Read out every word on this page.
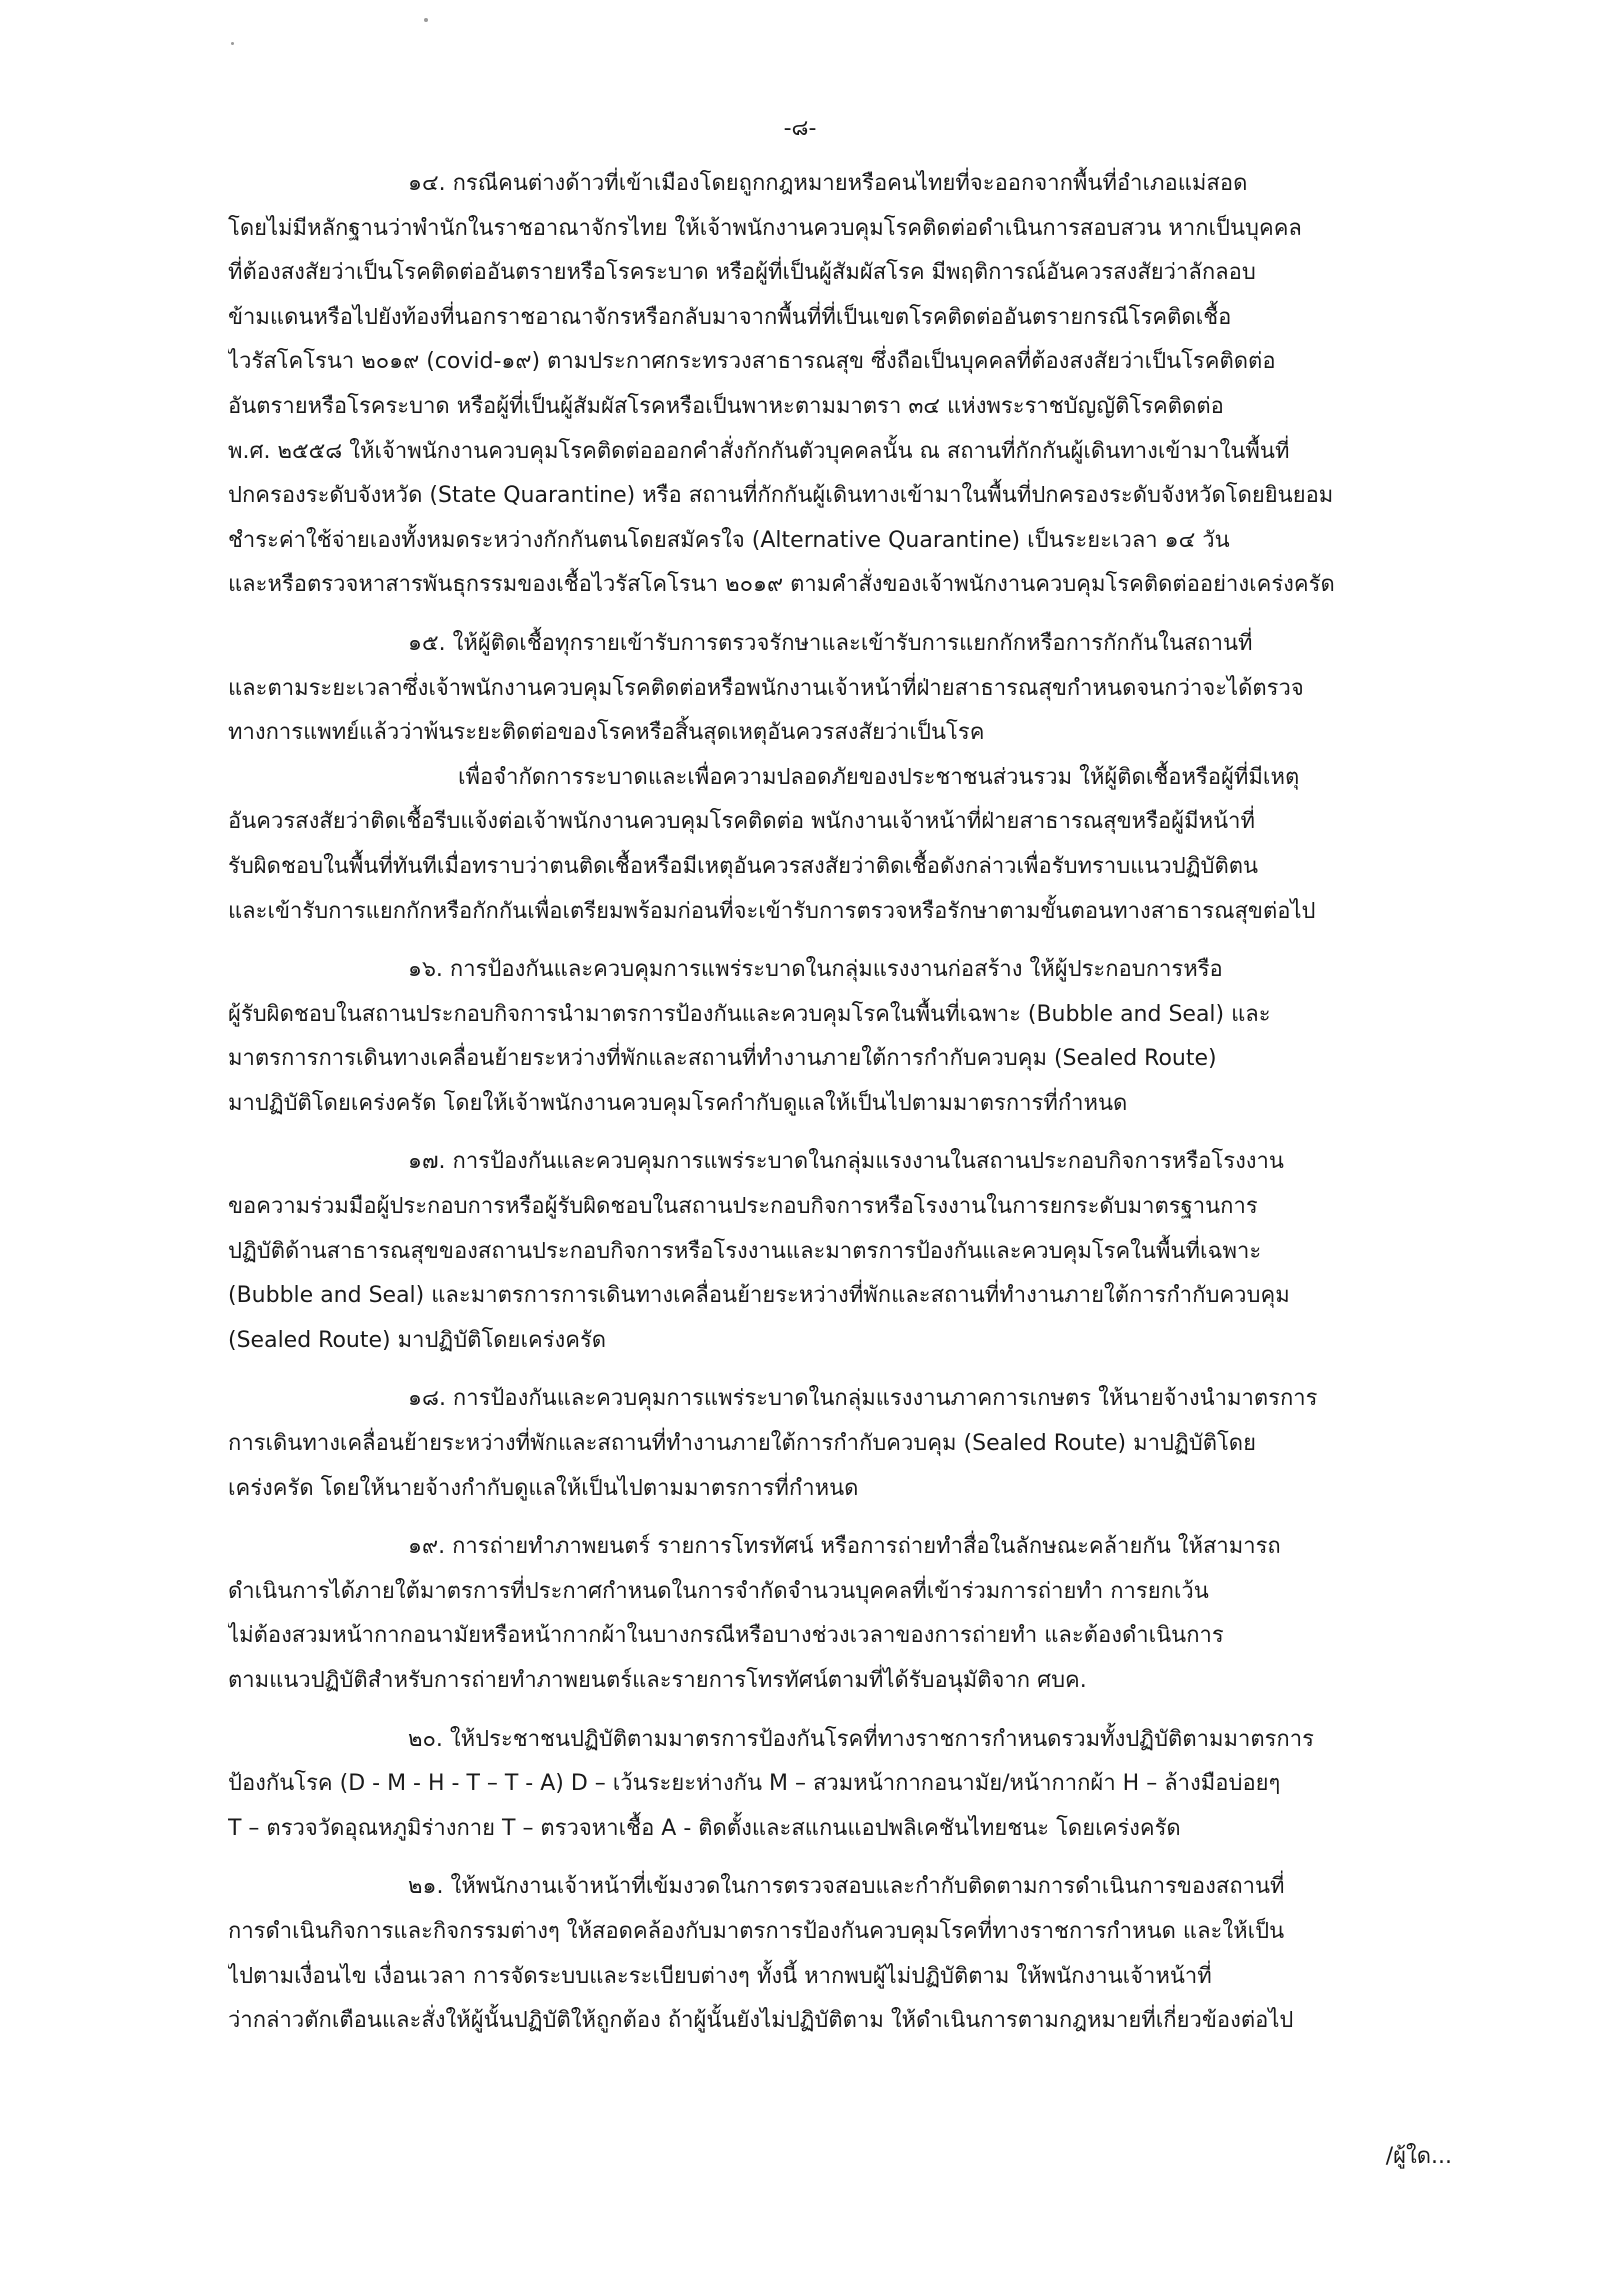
-๘-
๑๔. กรณีคนต่างด้าวที่เข้าเมืองโดยถูกกฎหมายหรือคนไทยที่จะออกจากพื้นที่อำเภอแม่สอด
โดยไม่มีหลักฐานว่าพำนักในราชอาณาจักรไทย ให้เจ้าพนักงานควบคุมโรคติดต่อดำเนินการสอบสวน หากเป็นบุคคล
ที่ต้องสงสัยว่าเป็นโรคติดต่ออันตรายหรือโรคระบาด หรือผู้ที่เป็นผู้สัมผัสโรค มีพฤติการณ์อันควรสงสัยว่าลักลอบ
ข้ามแดนหรือไปยังท้องที่นอกราชอาณาจักรหรือกลับมาจากพื้นที่ที่เป็นเขตโรคติดต่ออันตรายกรณีโรคติดเชื้อ
ไวรัสโคโรนา ๒๐๑๙ (covid-๑๙) ตามประกาศกระทรวงสาธารณสุข ซึ่งถือเป็นบุคคลที่ต้องสงสัยว่าเป็นโรคติดต่อ
อันตรายหรือโรคระบาด หรือผู้ที่เป็นผู้สัมผัสโรคหรือเป็นพาหะตามมาตรา ๓๔ แห่งพระราชบัญญัติโรคติดต่อ
พ.ศ. ๒๕๕๘ ให้เจ้าพนักงานควบคุมโรคติดต่อออกคำสั่งกักกันตัวบุคคลนั้น ณ สถานที่กักกันผู้เดินทางเข้ามาในพื้นที่
ปกครองระดับจังหวัด (State Quarantine) หรือ สถานที่กักกันผู้เดินทางเข้ามาในพื้นที่ปกครองระดับจังหวัดโดยยินยอม
ชำระค่าใช้จ่ายเองทั้งหมดระหว่างกักกันตนโดยสมัครใจ (Alternative Quarantine) เป็นระยะเวลา ๑๔ วัน
และหรือตรวจหาสารพันธุกรรมของเชื้อไวรัสโคโรนา ๒๐๑๙ ตามคำสั่งของเจ้าพนักงานควบคุมโรคติดต่ออย่างเคร่งครัด
๑๕. ให้ผู้ติดเชื้อทุกรายเข้ารับการตรวจรักษาและเข้ารับการแยกกักหรือการกักกันในสถานที่
และตามระยะเวลาซึ่งเจ้าพนักงานควบคุมโรคติดต่อหรือพนักงานเจ้าหน้าที่ฝ่ายสาธารณสุขกำหนดจนกว่าจะได้ตรวจ
ทางการแพทย์แล้วว่าพ้นระยะติดต่อของโรคหรือสิ้นสุดเหตุอันควรสงสัยว่าเป็นโรค
เพื่อจำกัดการระบาดและเพื่อความปลอดภัยของประชาชนส่วนรวม ให้ผู้ติดเชื้อหรือผู้ที่มีเหตุ
อันควรสงสัยว่าติดเชื้อรีบแจ้งต่อเจ้าพนักงานควบคุมโรคติดต่อ พนักงานเจ้าหน้าที่ฝ่ายสาธารณสุขหรือผู้มีหน้าที่
รับผิดชอบในพื้นที่ทันทีเมื่อทราบว่าตนติดเชื้อหรือมีเหตุอันควรสงสัยว่าติดเชื้อดังกล่าวเพื่อรับทราบแนวปฏิบัติตน
และเข้ารับการแยกกักหรือกักกันเพื่อเตรียมพร้อมก่อนที่จะเข้ารับการตรวจหรือรักษาตามขั้นตอนทางสาธารณสุขต่อไป
๑๖. การป้องกันและควบคุมการแพร่ระบาดในกลุ่มแรงงานก่อสร้าง ให้ผู้ประกอบการหรือ
ผู้รับผิดชอบในสถานประกอบกิจการนำมาตรการป้องกันและควบคุมโรคในพื้นที่เฉพาะ (Bubble and Seal) และ
มาตรการการเดินทางเคลื่อนย้ายระหว่างที่พักและสถานที่ทำงานภายใต้การกำกับควบคุม (Sealed Route)
มาปฏิบัติโดยเคร่งครัด โดยให้เจ้าพนักงานควบคุมโรคกำกับดูแลให้เป็นไปตามมาตรการที่กำหนด
๑๗. การป้องกันและควบคุมการแพร่ระบาดในกลุ่มแรงงานในสถานประกอบกิจการหรือโรงงาน
ขอความร่วมมือผู้ประกอบการหรือผู้รับผิดชอบในสถานประกอบกิจการหรือโรงงานในการยกระดับมาตรฐานการ
ปฏิบัติด้านสาธารณสุขของสถานประกอบกิจการหรือโรงงานและมาตรการป้องกันและควบคุมโรคในพื้นที่เฉพาะ
(Bubble and Seal) และมาตรการการเดินทางเคลื่อนย้ายระหว่างที่พักและสถานที่ทำงานภายใต้การกำกับควบคุม
(Sealed Route) มาปฏิบัติโดยเคร่งครัด
๑๘. การป้องกันและควบคุมการแพร่ระบาดในกลุ่มแรงงานภาคการเกษตร ให้นายจ้างนำมาตรการ
การเดินทางเคลื่อนย้ายระหว่างที่พักและสถานที่ทำงานภายใต้การกำกับควบคุม (Sealed Route) มาปฏิบัติโดย
เคร่งครัด โดยให้นายจ้างกำกับดูแลให้เป็นไปตามมาตรการที่กำหนด
๑๙. การถ่ายทำภาพยนตร์ รายการโทรทัศน์ หรือการถ่ายทำสื่อในลักษณะคล้ายกัน ให้สามารถ
ดำเนินการได้ภายใต้มาตรการที่ประกาศกำหนดในการจำกัดจำนวนบุคคลที่เข้าร่วมการถ่ายทำ การยกเว้น
ไม่ต้องสวมหน้ากากอนามัยหรือหน้ากากผ้าในบางกรณีหรือบางช่วงเวลาของการถ่ายทำ และต้องดำเนินการ
ตามแนวปฏิบัติสำหรับการถ่ายทำภาพยนตร์และรายการโทรทัศน์ตามที่ได้รับอนุมัติจาก ศบค.
๒๐. ให้ประชาชนปฏิบัติตามมาตรการป้องกันโรคที่ทางราชการกำหนดรวมทั้งปฏิบัติตามมาตรการ
ป้องกันโรค (D - M - H - T – T - A) D – เว้นระยะห่างกัน M – สวมหน้ากากอนามัย/หน้ากากผ้า H – ล้างมือบ่อยๆ
T – ตรวจวัดอุณหภูมิร่างกาย T – ตรวจหาเชื้อ A - ติดตั้งและสแกนแอปพลิเคชันไทยชนะ โดยเคร่งครัด
๒๑. ให้พนักงานเจ้าหน้าที่เข้มงวดในการตรวจสอบและกำกับติดตามการดำเนินการของสถานที่
การดำเนินกิจการและกิจกรรมต่างๆ ให้สอดคล้องกับมาตรการป้องกันควบคุมโรคที่ทางราชการกำหนด และให้เป็น
ไปตามเงื่อนไข เงื่อนเวลา การจัดระบบและระเบียบต่างๆ ทั้งนี้ หากพบผู้ไม่ปฏิบัติตาม ให้พนักงานเจ้าหน้าที่
ว่ากล่าวตักเตือนและสั่งให้ผู้นั้นปฏิบัติให้ถูกต้อง ถ้าผู้นั้นยังไม่ปฏิบัติตาม ให้ดำเนินการตามกฎหมายที่เกี่ยวข้องต่อไป
/ผู้ใด...
